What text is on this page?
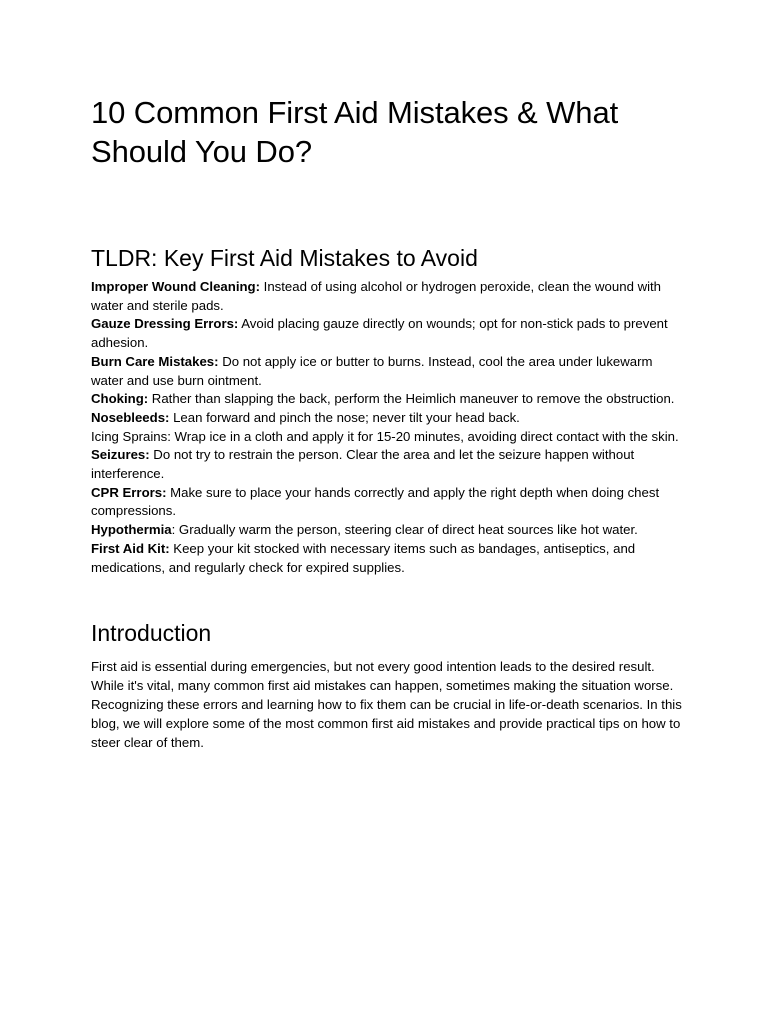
10 Common First Aid Mistakes & What Should You Do?
TLDR: Key First Aid Mistakes to Avoid

Improper Wound Cleaning: Instead of using alcohol or hydrogen peroxide, clean the wound with water and sterile pads.

Gauze Dressing Errors: Avoid placing gauze directly on wounds; opt for non-stick pads to prevent adhesion.

Burn Care Mistakes: Do not apply ice or butter to burns. Instead, cool the area under lukewarm water and use burn ointment.

Choking: Rather than slapping the back, perform the Heimlich maneuver to remove the obstruction.

Nosebleeds: Lean forward and pinch the nose; never tilt your head back.

Icing Sprains: Wrap ice in a cloth and apply it for 15-20 minutes, avoiding direct contact with the skin.

Seizures: Do not try to restrain the person. Clear the area and let the seizure happen without interference.

CPR Errors: Make sure to place your hands correctly and apply the right depth when doing chest compressions.

Hypothermia: Gradually warm the person, steering clear of direct heat sources like hot water.

First Aid Kit: Keep your kit stocked with necessary items such as bandages, antiseptics, and medications, and regularly check for expired supplies.

Introduction

First aid is essential during emergencies, but not every good intention leads to the desired result. While it's vital, many common first aid mistakes can happen, sometimes making the situation worse. Recognizing these errors and learning how to fix them can be crucial in life-or-death scenarios. In this blog, we will explore some of the most common first aid mistakes and provide practical tips on how to steer clear of them.
